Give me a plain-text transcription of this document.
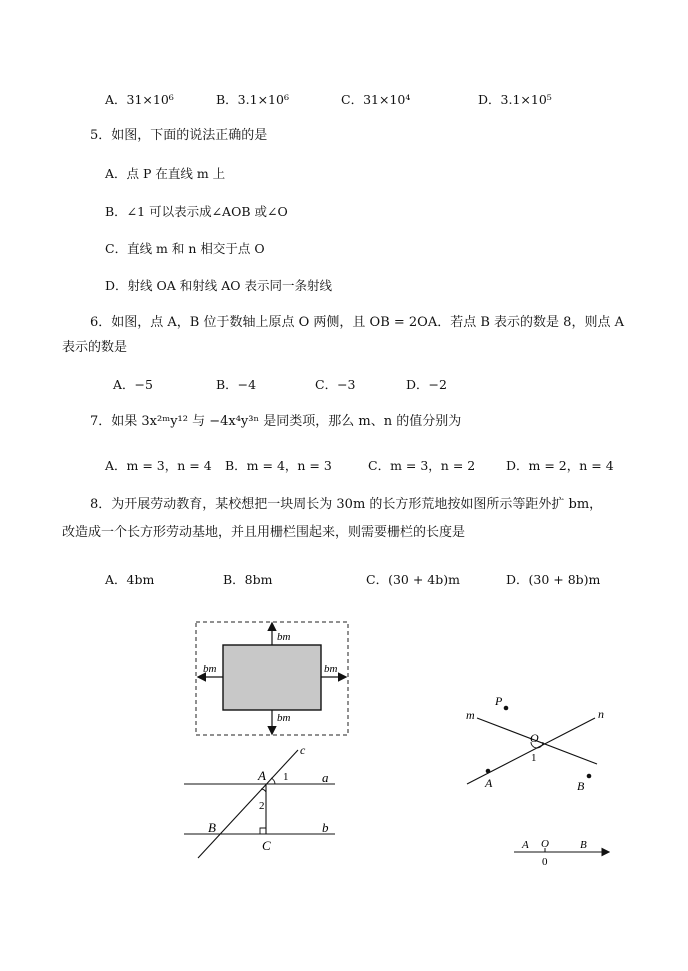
A．31×10⁶	B．3.1×10⁶	C．31×10⁴	D．3.1×10⁵
5．如图，下面的说法正确的是
A．点 P 在直线 m 上
B．∠1 可以表示成∠AOB 或∠O
C．直线 m 和 n 相交于点 O
D．射线 OA 和射线 AO 表示同一条射线
6．如图，点 A，B 位于数轴上原点 O 两侧，且 OB = 2OA．若点 B 表示的数是 8，则点 A
表示的数是
A．−5	B．−4	C．−3	D．−2
7．如果 3x²ᵐy¹² 与 −4x⁴y³ⁿ 是同类项，那么 m、n 的值分别为
A．m = 3，n = 4 B．m = 4，n = 3	C．m = 3，n = 2 D．m = 2，n = 4
8．为开展劳动教育，某校想把一块周长为 30m 的长方形荒地按如图所示等距外扩 bm，
改造成一个长方形劳动基地，并且用栅栏围起来，则需要栅栏的长度是
A．4bm	B．8bm	C．(30 + 4b)m	D．(30 + 8b)m
bm
bm
bm	bm
P
m	n
O
1
A	B
c
a
b
A
B
C
1
2
A O	B
0
